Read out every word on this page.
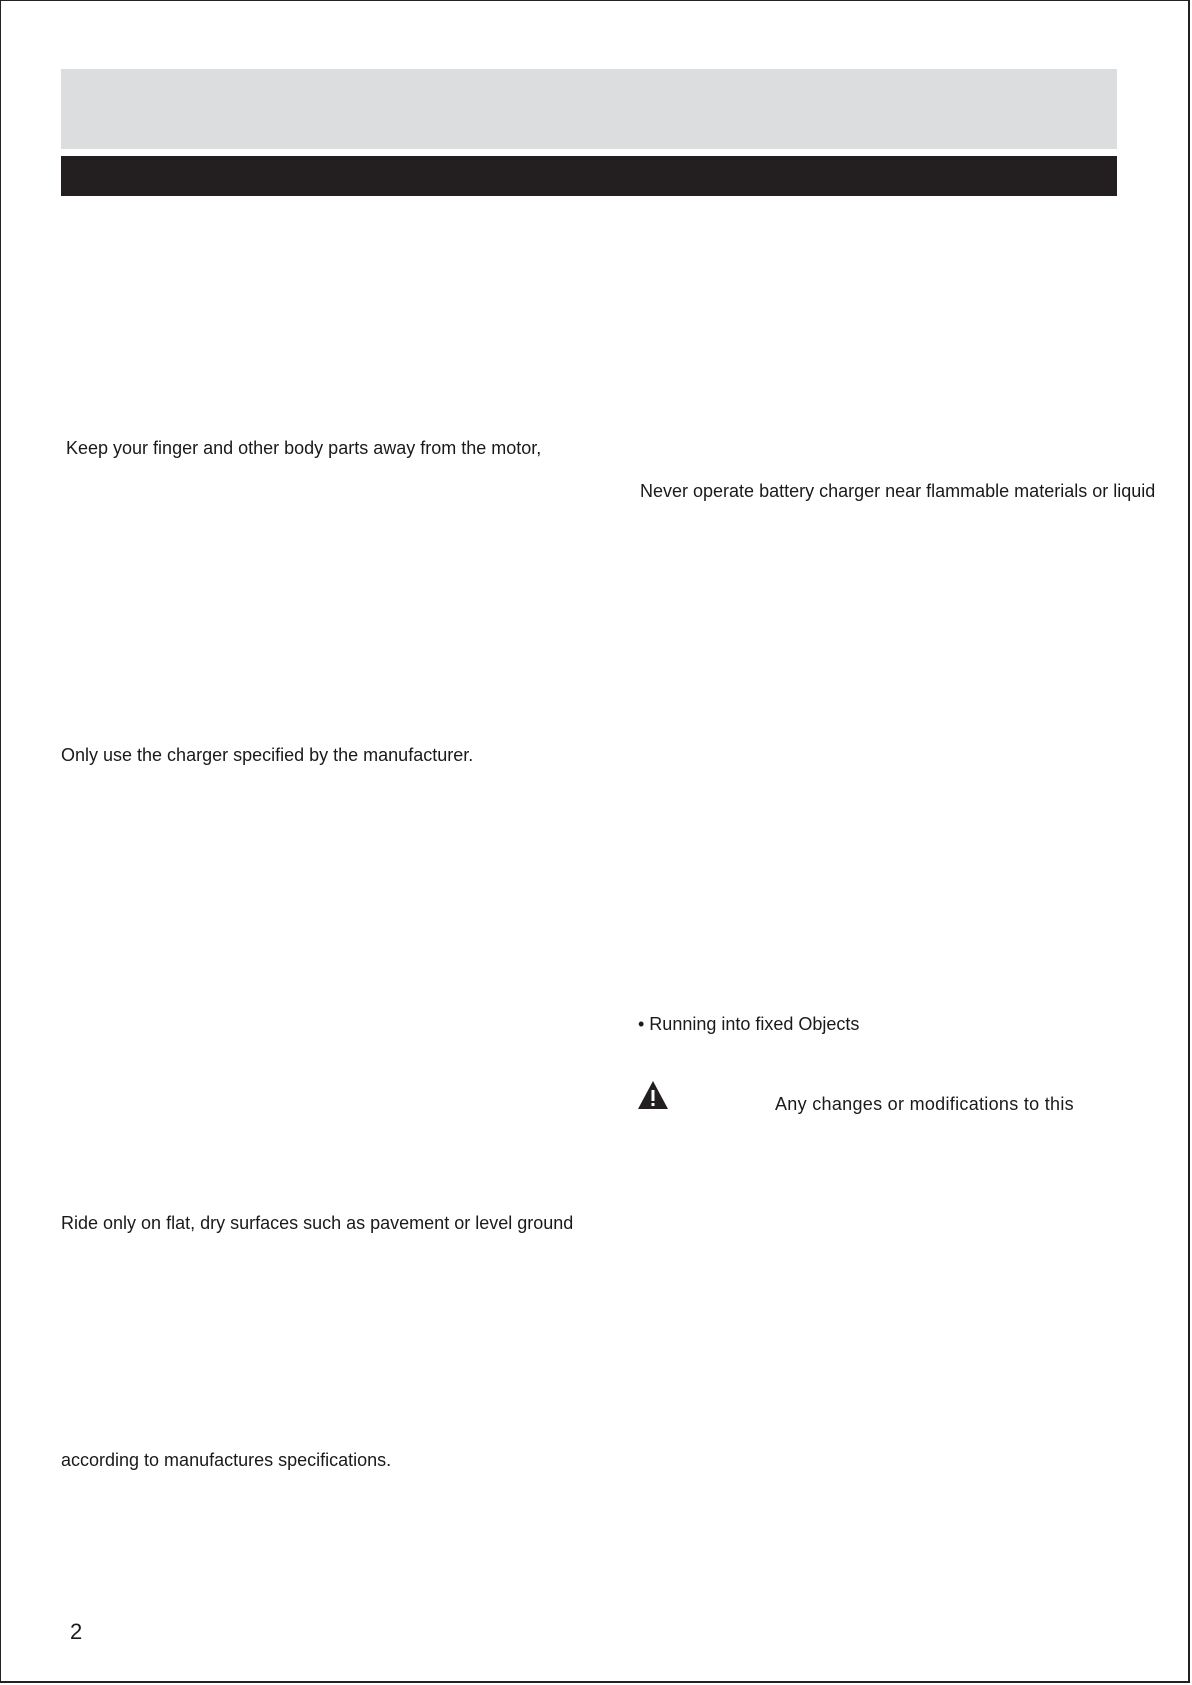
Keep your finger and other body parts away from the motor,
Never operate battery charger near flammable materials or liquid
Only use the charger specified by the manufacturer.
• Running into fixed Objects
Any changes or modifications to this
Ride only on flat, dry surfaces such as pavement or level ground
according to manufactures specifications.
2
